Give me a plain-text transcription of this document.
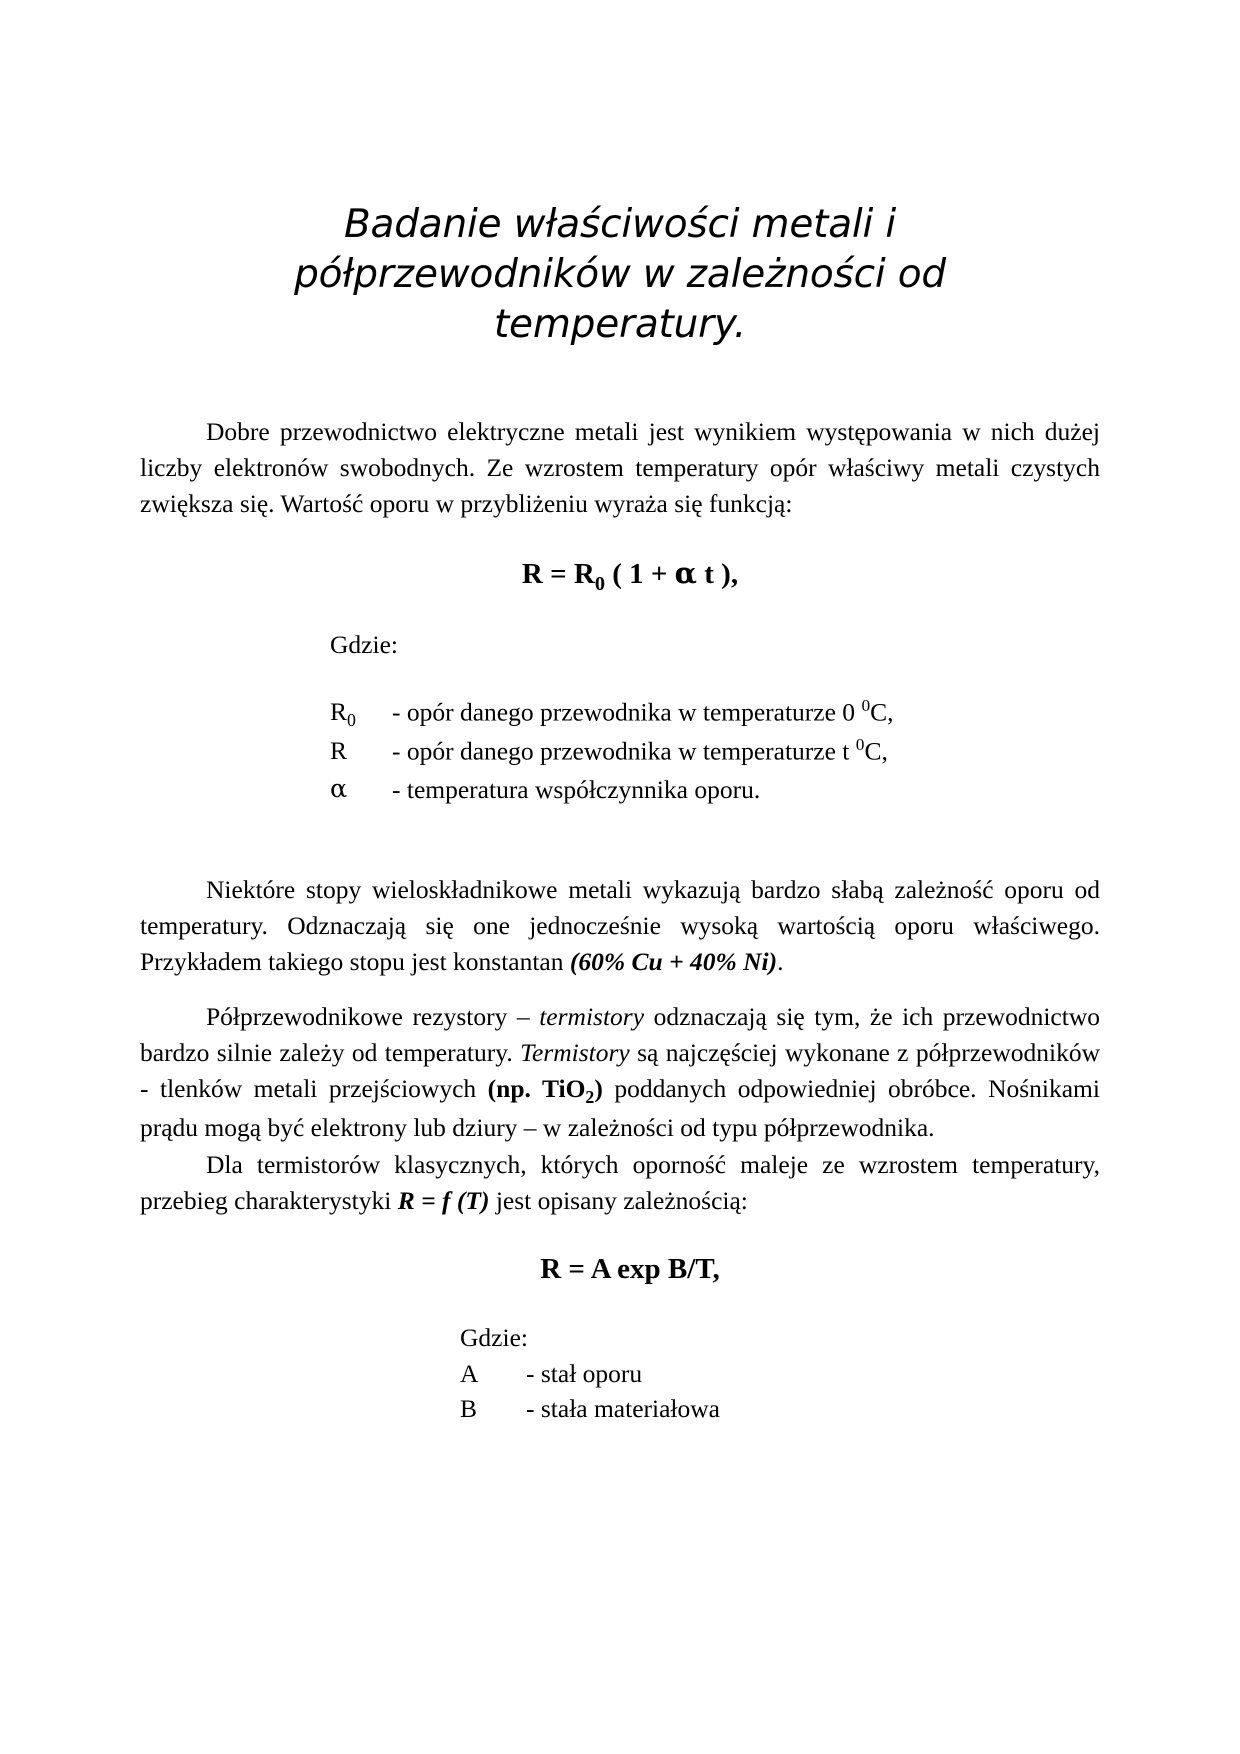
Badanie właściwości metali i półprzewodników w zależności od temperatury.

Dobre przewodnictwo elektryczne metali jest wynikiem występowania w nich dużej liczby elektronów swobodnych. Ze wzrostem temperatury opór właściwy metali czystych zwiększa się. Wartość oporu w przybliżeniu wyraża się funkcją:

$R = R_0$ ( 1 + α t ),

Gdzie:

$R_0$	- opór danego przewodnika w temperaturze 0 $^0$C,
R	- opór danego przewodnika w temperaturze t $^0$C,
α	- temperatura współczynnika oporu.

Niektóre stopy wieloskładnikowe metali wykazują bardzo słabą zależność oporu od temperatury. Odznaczają się one jednocześnie wysoką wartością oporu właściwego. Przykładem takiego stopu jest konstantan (60% Cu + 40% Ni).

Półprzewodnikowe rezystory – termistory odznaczają się tym, że ich przewodnictwo bardzo silnie zależy od temperatury. Termistory są najczęściej wykonane z półprzewodników - tlenków metali przejściowych (np. TiO$_2$) poddanych odpowiedniej obróbce. Nośnikami prądu mogą być elektrony lub dziury – w zależności od typu półprzewodnika.

Dla termistorów klasycznych, których oporność maleje ze wzrostem temperatury, przebieg charakterystyki R = f (T) jest opisany zależnością:

R = A exp B/T,

Gdzie:

A	- stał oporu
B	- stała materiałowa
